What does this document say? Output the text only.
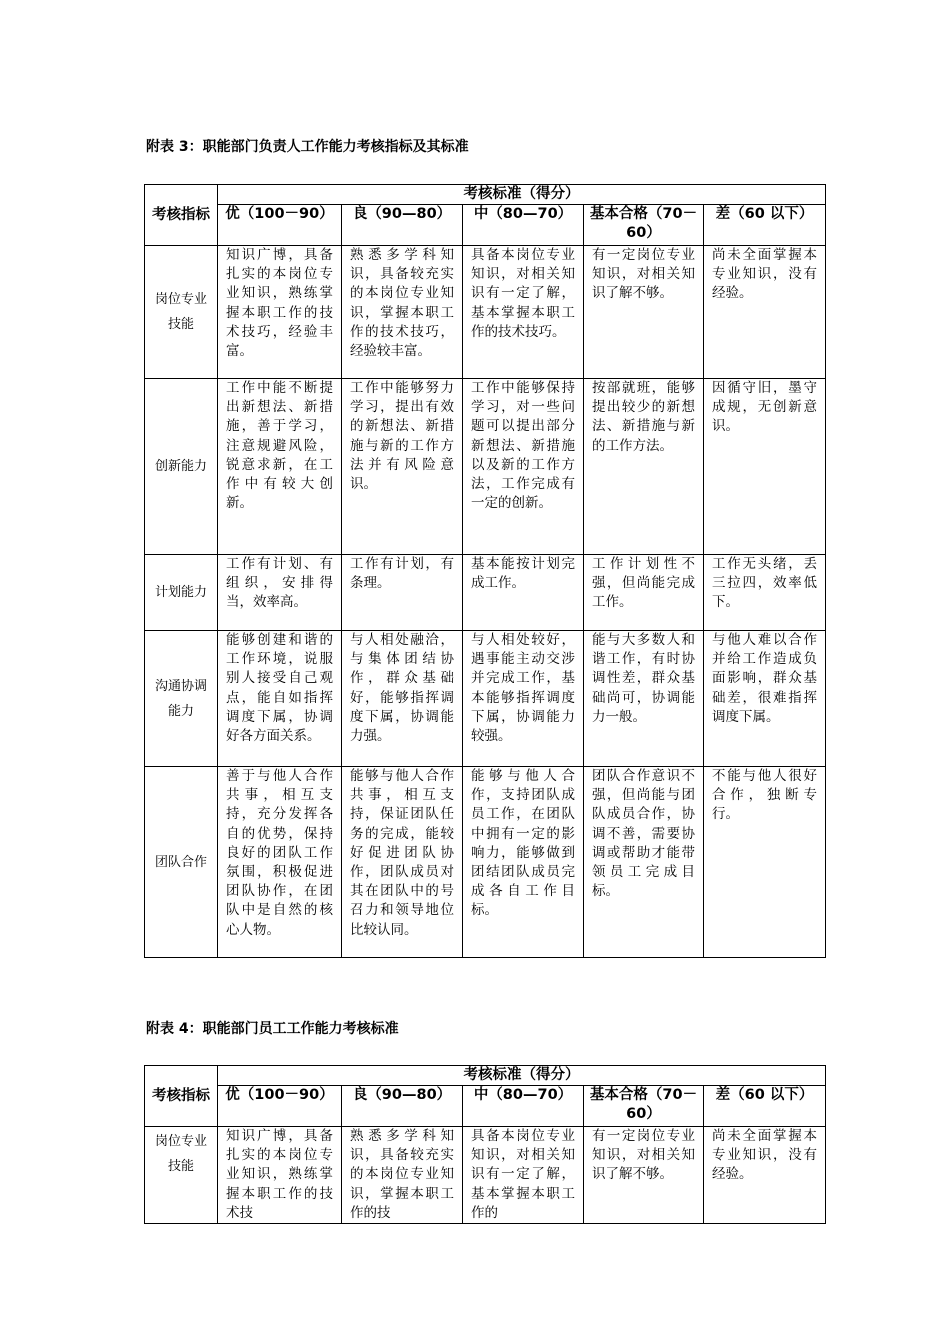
附表 3：职能部门负责人工作能力考核指标及其标准
考核指标	考核标准（得分）				
	优（100－90）	良（90—80）	中（80—70）	基本合格（70－60）	差（60 以下）
岗位专业技能	知识广博，具备扎实的本岗位专业知识，熟练掌握本职工作的技术技巧，经验丰富。	熟悉多学科知识，具备较充实的本岗位专业知识，掌握本职工作的技术技巧，经验较丰富。	具备本岗位专业知识，对相关知识有一定了解，基本掌握本职工作的技术技巧。	有一定岗位专业知识，对相关知识了解不够。	尚未全面掌握本专业知识，没有经验。
创新能力	工作中能不断提出新想法、新措施，善于学习，注意规避风险，锐意求新，在工作中有较大创新。	工作中能够努力学习，提出有效的新想法、新措施与新的工作方法并有风险意识。	工作中能够保持学习，对一些问题可以提出部分新想法、新措施以及新的工作方法，工作完成有一定的创新。	按部就班，能够提出较少的新想法、新措施与新的工作方法。	因循守旧，墨守成规，无创新意识。
计划能力	工作有计划、有组织，安排得当，效率高。	工作有计划，有条理。	基本能按计划完成工作。	工作计划性不强，但尚能完成工作。	工作无头绪，丢三拉四，效率低下。
沟通协调能力	能够创建和谐的工作环境，说服别人接受自己观点，能自如指挥调度下属，协调好各方面关系。	与人相处融洽，与集体团结协作，群众基础好，能够指挥调度下属，协调能力强。	与人相处较好，遇事能主动交涉并完成工作，基本能够指挥调度下属，协调能力较强。	能与大多数人和谐工作，有时协调性差，群众基础尚可，协调能力一般。	与他人难以合作并给工作造成负面影响，群众基础差，很难指挥调度下属。
团队合作	善于与他人合作共事，相互支持，充分发挥各自的优势，保持良好的团队工作氛围，积极促进团队协作，在团队中是自然的核心人物。	能够与他人合作共事，相互支持，保证团队任务的完成，能较好促进团队协作，团队成员对其在团队中的号召力和领导地位比较认同。	能够与他人合作，支持团队成员工作，在团队中拥有一定的影响力，能够做到团结团队成员完成各自工作目标。	团队合作意识不强，但尚能与团队成员合作，协调不善，需要协调或帮助才能带领员工完成目标。	不能与他人很好合作，独断专行。
附表 4：职能部门员工工作能力考核标准
考核指标	考核标准（得分）				
	优（100－90）	良（90—80）	中（80—70）	基本合格（70－60）	差（60 以下）
岗位专业技能	知识广博，具备扎实的本岗位专业知识，熟练掌握本职工作的技术技	熟悉多学科知识，具备较充实的本岗位专业知识，掌握本职工作的技	具备本岗位专业知识，对相关知识有一定了解，基本掌握本职工作的	有一定岗位专业知识，对相关知识了解不够。	尚未全面掌握本专业知识，没有经验。
